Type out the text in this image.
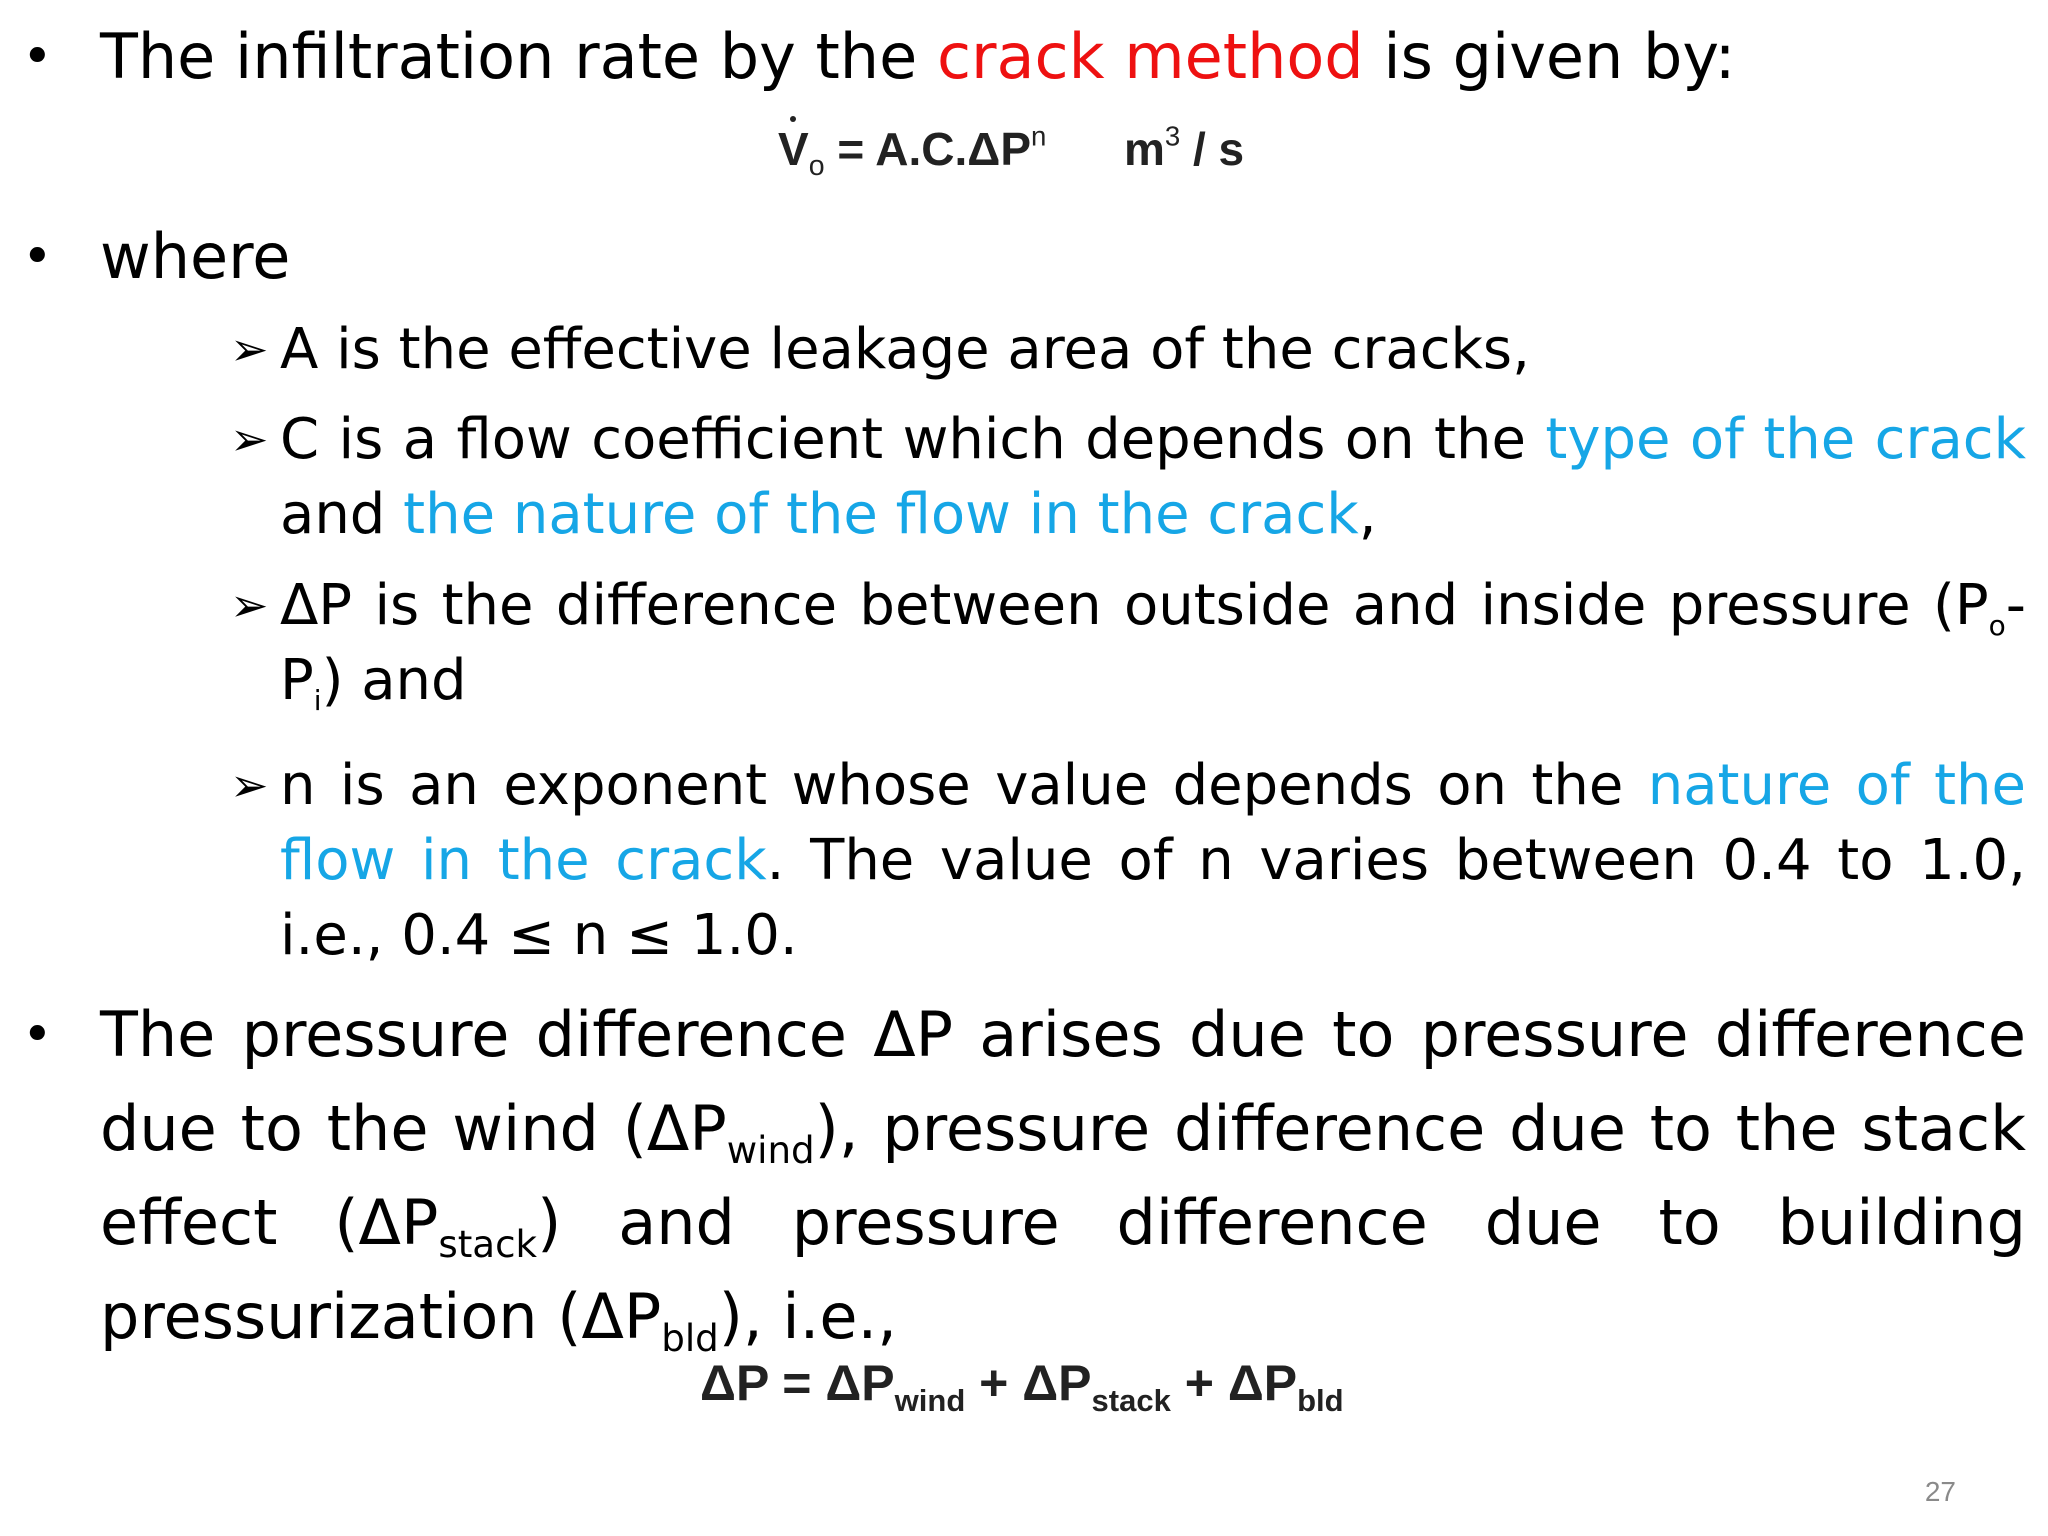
• The infiltration rate by the crack method is given by:
$V_o = A.C.\Delta P^n$ $m^3$ / s
• where
➢ A is the effective leakage area of the cracks,
➢ C is a flow coefficient which depends on the type of the crack and the nature of the flow in the crack,
➢ ΔP is the difference between outside and inside pressure (Po-Pi) and
➢ n is an exponent whose value depends on the nature of the flow in the crack. The value of n varies between 0.4 to 1.0, i.e., 0.4 ≤ n ≤ 1.0.
• The pressure difference ΔP arises due to pressure difference due to the wind $(\Delta P_{wind})$, pressure difference due to the stack effect $(\Delta P_{stack})$ and pressure difference due to building pressurization $(\Delta P_{bld})$, i.e.,
$\Delta P = \Delta P_{wind} + \Delta P_{stack} + \Delta P_{bld}$
27
